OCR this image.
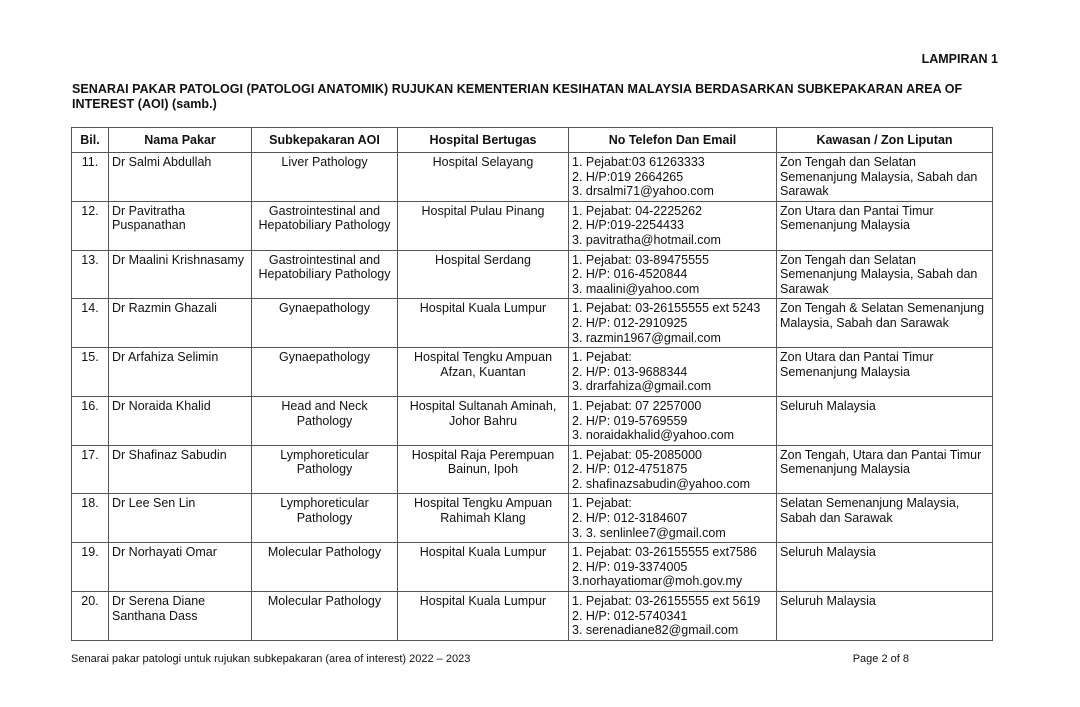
LAMPIRAN 1
SENARAI PAKAR PATOLOGI (PATOLOGI ANATOMIK) RUJUKAN KEMENTERIAN KESIHATAN MALAYSIA BERDASARKAN SUBKEPAKARAN AREA OF INTEREST (AOI) (samb.)
Bil.	Nama Pakar	Subkepakaran AOI	Hospital Bertugas	No Telefon Dan Email	Kawasan / Zon Liputan
11.	Dr Salmi Abdullah	Liver Pathology	Hospital Selayang	1. Pejabat:03 61263333
2. H/P:019 2664265
3. drsalmi71@yahoo.com	Zon Tengah dan Selatan Semenanjung Malaysia, Sabah dan Sarawak
12.	Dr Pavitratha Puspanathan	Gastrointestinal and Hepatobiliary Pathology	Hospital Pulau Pinang	1. Pejabat: 04-2225262
2. H/P:019-2254433
3. pavitratha@hotmail.com	Zon Utara dan Pantai Timur Semenanjung Malaysia
13.	Dr Maalini Krishnasamy	Gastrointestinal and Hepatobiliary Pathology	Hospital Serdang	1. Pejabat: 03-89475555
2. H/P: 016-4520844
3. maalini@yahoo.com	Zon Tengah dan Selatan Semenanjung Malaysia, Sabah dan Sarawak
14.	Dr Razmin Ghazali	Gynaepathology	Hospital Kuala Lumpur	1. Pejabat: 03-26155555 ext 5243
2. H/P: 012-2910925
3. razmin1967@gmail.com	Zon Tengah & Selatan Semenanjung Malaysia, Sabah dan Sarawak
15.	Dr Arfahiza Selimin	Gynaepathology	Hospital Tengku Ampuan Afzan, Kuantan	1. Pejabat:
2. H/P: 013-9688344
3. drarfahiza@gmail.com	Zon Utara dan Pantai Timur Semenanjung Malaysia
16.	Dr Noraida Khalid	Head and Neck Pathology	Hospital Sultanah Aminah, Johor Bahru	1. Pejabat: 07 2257000
2. H/P: 019-5769559
3. noraidakhalid@yahoo.com	Seluruh Malaysia
17.	Dr Shafinaz Sabudin	Lymphoreticular Pathology	Hospital Raja Perempuan Bainun, Ipoh	1. Pejabat: 05-2085000
2. H/P: 012-4751875
2. shafinazsabudin@yahoo.com	Zon Tengah, Utara dan Pantai Timur Semenanjung Malaysia
18.	Dr Lee Sen Lin	Lymphoreticular Pathology	Hospital Tengku Ampuan Rahimah Klang	1. Pejabat:
2. H/P: 012-3184607
3. 3. senlinlee7@gmail.com	Selatan Semenanjung Malaysia, Sabah dan Sarawak
19.	Dr Norhayati Omar	Molecular Pathology	Hospital Kuala Lumpur	1. Pejabat: 03-26155555 ext7586
2. H/P: 019-3374005
3.norhayatiomar@moh.gov.my	Seluruh Malaysia
20.	Dr Serena Diane Santhana Dass	Molecular Pathology	Hospital Kuala Lumpur	1. Pejabat: 03-26155555 ext 5619
2. H/P: 012-5740341
3. serenadiane82@gmail.com	Seluruh Malaysia
Senarai pakar patologi untuk rujukan subkepakaran (area of interest) 2022 – 2023	Page 2 of 8
